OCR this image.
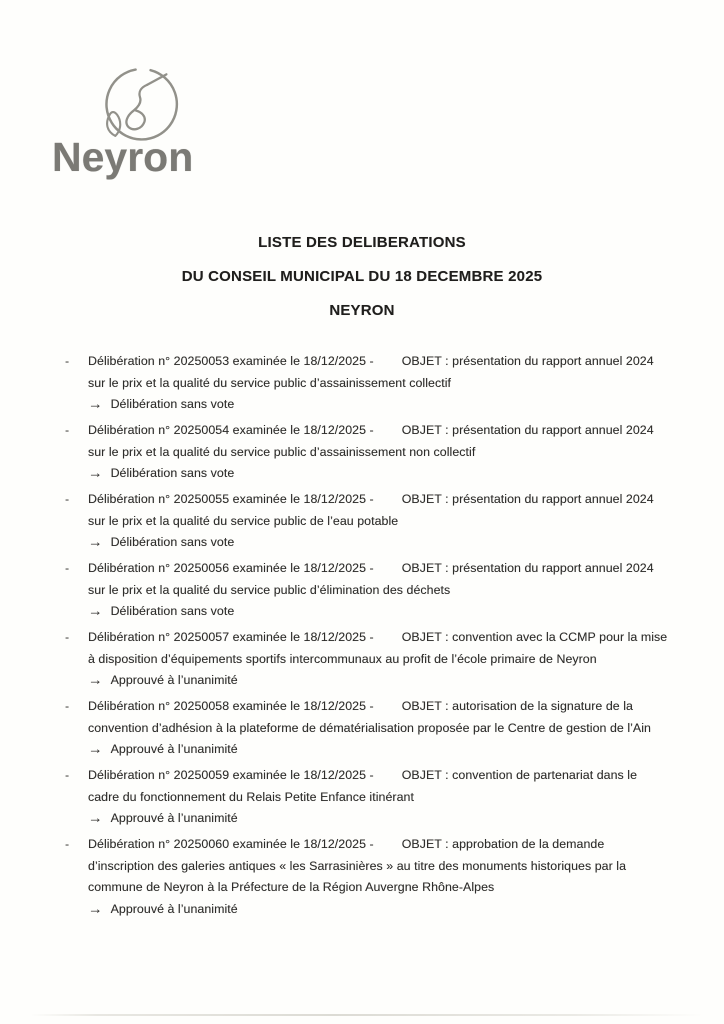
Neyron
LISTE DES DELIBERATIONS
DU CONSEIL MUNICIPAL DU 18 DECEMBRE 2025
NEYRON
-	Délibération n° 20250053 examinée le 18/12/2025 - OBJET : présentation du rapport annuel 2024 sur le prix et la qualité du service public d’assainissement collectif

→ Délibération sans vote

-	Délibération n° 20250054 examinée le 18/12/2025 - OBJET : présentation du rapport annuel 2024 sur le prix et la qualité du service public d’assainissement non collectif

→ Délibération sans vote

-	Délibération n° 20250055 examinée le 18/12/2025 - OBJET : présentation du rapport annuel 2024 sur le prix et la qualité du service public de l’eau potable

→ Délibération sans vote

-	Délibération n° 20250056 examinée le 18/12/2025 - OBJET : présentation du rapport annuel 2024 sur le prix et la qualité du service public d’élimination des déchets

→ Délibération sans vote

-	Délibération n° 20250057 examinée le 18/12/2025 - OBJET : convention avec la CCMP pour la mise à disposition d’équipements sportifs intercommunaux au profit de l’école primaire de Neyron

→ Approuvé à l’unanimité

-	Délibération n° 20250058 examinée le 18/12/2025 - OBJET : autorisation de la signature de la convention d’adhésion à la plateforme de dématérialisation proposée par le Centre de gestion de l’Ain

→ Approuvé à l’unanimité

-	Délibération n° 20250059 examinée le 18/12/2025 - OBJET : convention de partenariat dans le cadre du fonctionnement du Relais Petite Enfance itinérant

→ Approuvé à l’unanimité

-	Délibération n° 20250060 examinée le 18/12/2025 - OBJET : approbation de la demande d’inscription des galeries antiques « les Sarrasinières » au titre des monuments historiques par la commune de Neyron à la Préfecture de la Région Auvergne Rhône-Alpes

→ Approuvé à l’unanimité
